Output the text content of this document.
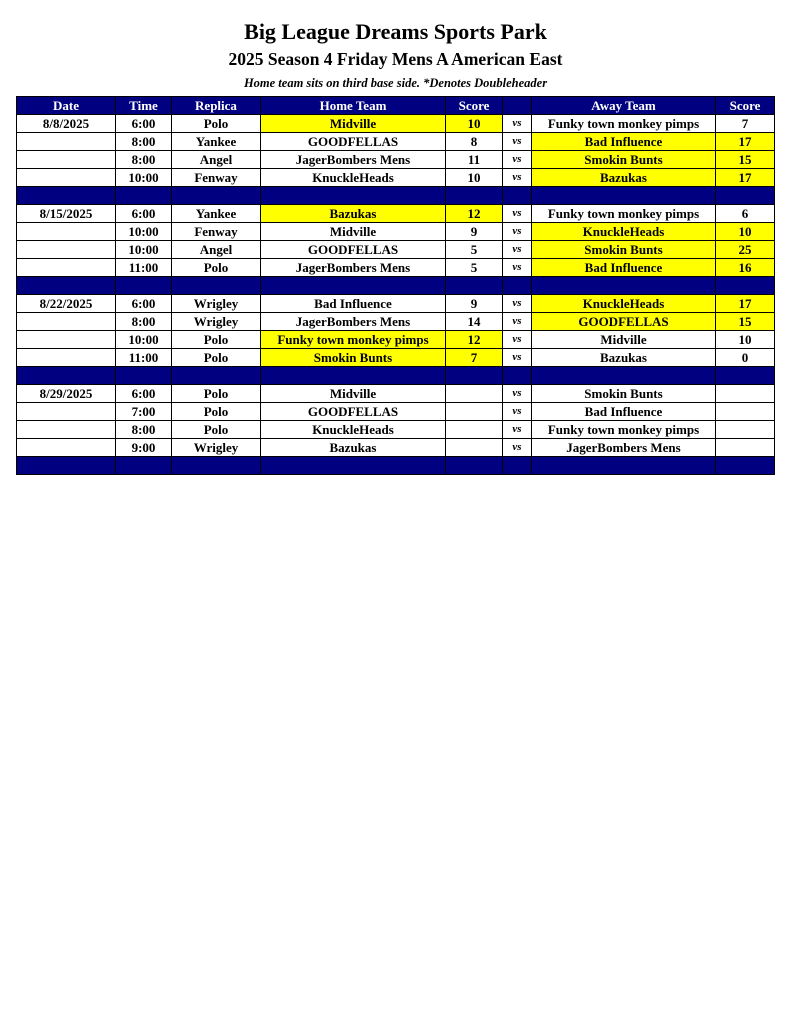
Big League Dreams Sports Park
2025 Season 4 Friday Mens A American East
Home team sits on third base side. *Denotes Doubleheader
Date	Time	Replica	Home Team	Score		Away Team	Score
8/8/2025	6:00	Polo	Midville	10	vs	Funky town monkey pimps	7
	8:00	Yankee	GOODFELLAS	8	vs	Bad Influence	17
	8:00	Angel	JagerBombers Mens	11	vs	Smokin Bunts	15
	10:00	Fenway	KnuckleHeads	10	vs	Bazukas	17

8/15/2025	6:00	Yankee	Bazukas	12	vs	Funky town monkey pimps	6
	10:00	Fenway	Midville	9	vs	KnuckleHeads	10
	10:00	Angel	GOODFELLAS	5	vs	Smokin Bunts	25
	11:00	Polo	JagerBombers Mens	5	vs	Bad Influence	16

8/22/2025	6:00	Wrigley	Bad Influence	9	vs	KnuckleHeads	17
	8:00	Wrigley	JagerBombers Mens	14	vs	GOODFELLAS	15
	10:00	Polo	Funky town monkey pimps	12	vs	Midville	10
	11:00	Polo	Smokin Bunts	7	vs	Bazukas	0

8/29/2025	6:00	Polo	Midville		vs	Smokin Bunts	
	7:00	Polo	GOODFELLAS		vs	Bad Influence	
	8:00	Polo	KnuckleHeads		vs	Funky town monkey pimps	
	9:00	Wrigley	Bazukas		vs	JagerBombers Mens	
